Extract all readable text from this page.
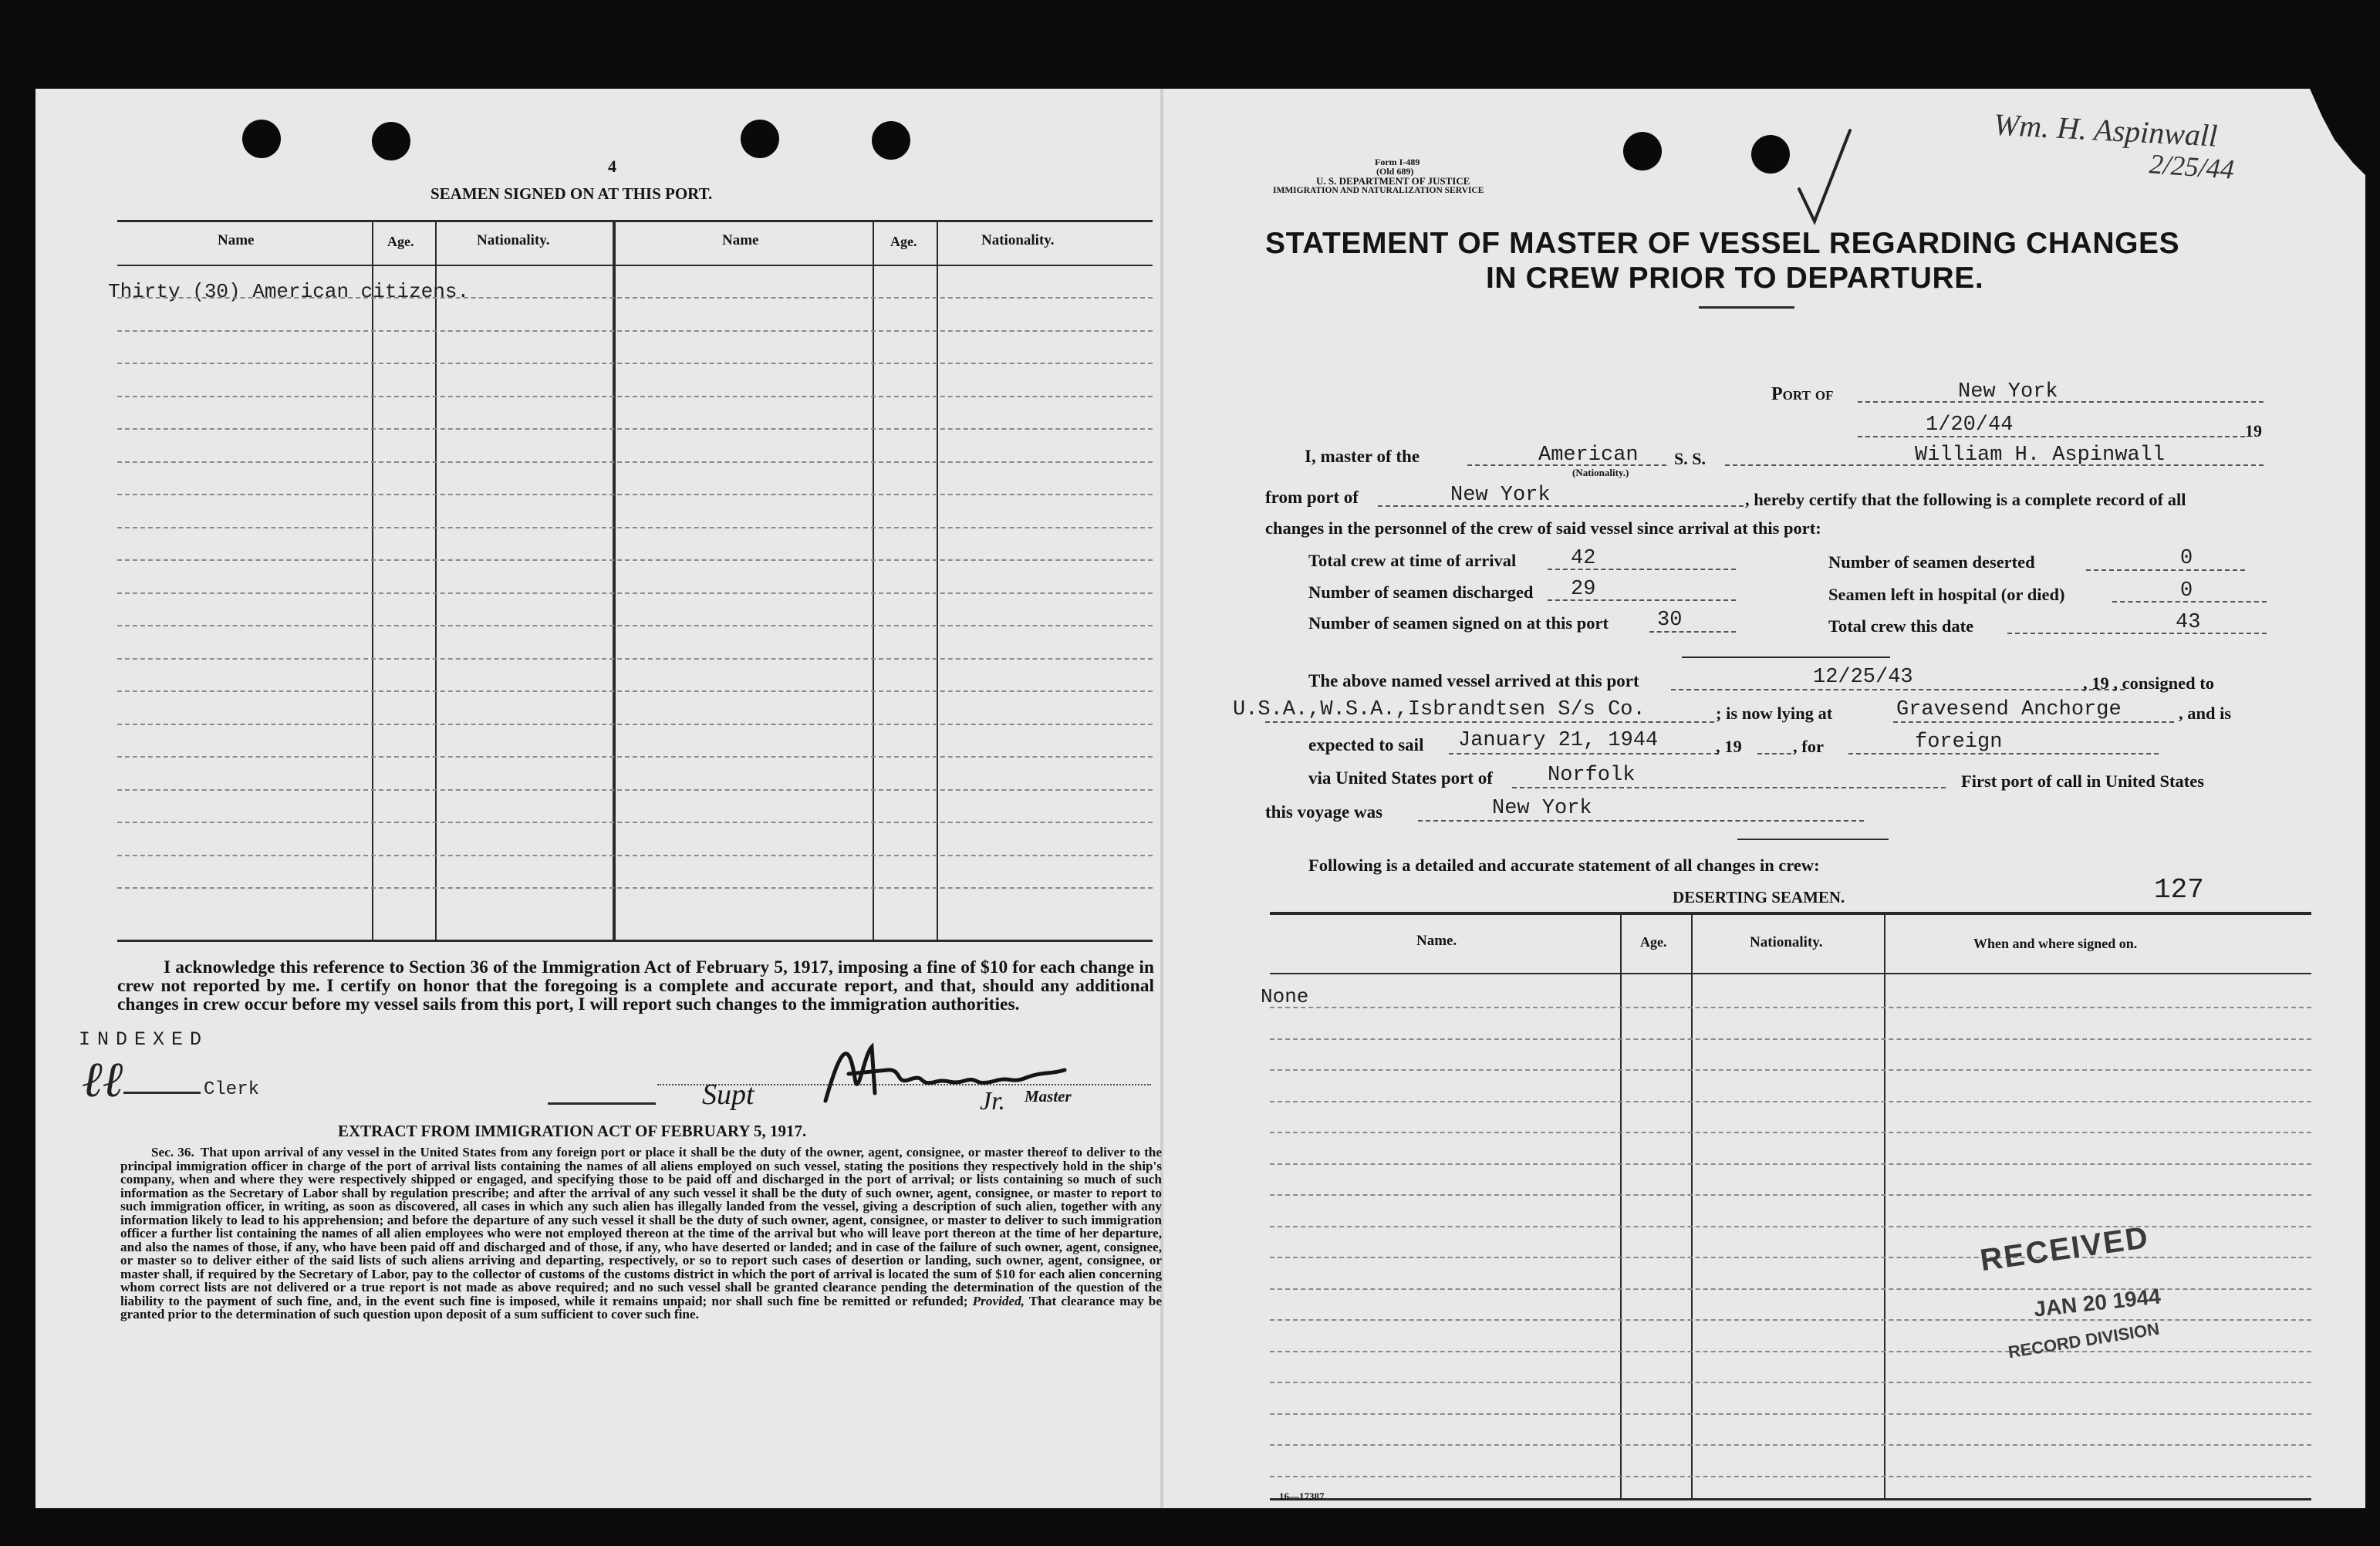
4
SEAMEN SIGNED ON AT THIS PORT.
Name	Age.	Nationality.	Name	Age.	Nationality.
Thirty (30) American citizens.
I acknowledge this reference to Section 36 of the Immigration Act of February 5, 1917, imposing a fine of $10 for each change in crew not reported by me. I certify on honor that the foregoing is a complete and accurate report, and that, should any additional changes in crew occur before my vessel sails from this port, I will report such changes to the immigration authorities.
INDEXED
ℓℓ	Clerk	Supt	Jr. Master
EXTRACT FROM IMMIGRATION ACT OF FEBRUARY 5, 1917.
Sec. 36. That upon arrival of any vessel in the United States from any foreign port or place it shall be the duty of the owner, agent, consignee, or master thereof to deliver to the principal immigration officer in charge of the port of arrival lists containing the names of all aliens employed on such vessel, stating the positions they respectively hold in the ship's company, when and where they were respectively shipped or engaged, and specifying those to be paid off and discharged in the port of arrival; or lists containing so much of such information as the Secretary of Labor shall by regulation prescribe; and after the arrival of any such vessel it shall be the duty of such owner, agent, consignee, or master to report to such immigration officer, in writing, as soon as discovered, all cases in which any such alien has illegally landed from the vessel, giving a description of such alien, together with any information likely to lead to his apprehension; and before the departure of any such vessel it shall be the duty of such owner, agent, consignee, or master to deliver to such immigration officer a further list containing the names of all alien employees who were not employed thereon at the time of the arrival but who will leave port thereon at the time of her departure, and also the names of those, if any, who have been paid off and discharged and of those, if any, who have deserted or landed; and in case of the failure of such owner, agent, consignee, or master so to deliver either of the said lists of such aliens arriving and departing, respectively, or so to report such cases of desertion or landing, such owner, agent, consignee, or master shall, if required by the Secretary of Labor, pay to the collector of customs of the customs district in which the port of arrival is located the sum of $10 for each alien concerning whom correct lists are not delivered or a true report is not made as above required; and no such vessel shall be granted clearance pending the determination of the question of the liability to the payment of such fine, and, in the event such fine is imposed, while it remains unpaid; nor shall such fine be remitted or refunded; Provided, That clearance may be granted prior to the determination of such question upon deposit of a sum sufficient to cover such fine.
Form I-489
(Old 689)
U. S. DEPARTMENT OF JUSTICE
IMMIGRATION AND NATURALIZATION SERVICE
Wm. H. Aspinwall
2/25/44
STATEMENT OF MASTER OF VESSEL REGARDING CHANGES
IN CREW PRIOR TO DEPARTURE.
Port of	New York
1/20/44	19
I, master of the	American
(Nationality.)
S. S.	William H. Aspinwall
from port of	New York	, hereby certify that the following is a complete record of all
changes in the personnel of the crew of said vessel since arrival at this port:
Total crew at time of arrival	42
Number of seamen discharged 29
Number of seamen signed on at this port 30
Number of seamen deserted	0
Seamen left in hospital (or died)	0
Total crew this date	43
The above named vessel arrived at this port	12/25/43	, 19 , consigned to
U.S.A.,W.S.A.,Isbrandtsen S/s Co.	; is now lying at	Gravesend Anchorge	, and is
expected to sail January 21, 1944	, 19	, for	foreign
via United States port of	Norfolk	First port of call in United States
this voyage was	New York
Following is a detailed and accurate statement of all changes in crew:
127
DESERTING SEAMEN.
Name.	Age.	Nationality.	When and where signed on.
None
RECEIVED
JAN 20 1944
RECORD DIVISION
16—17387
